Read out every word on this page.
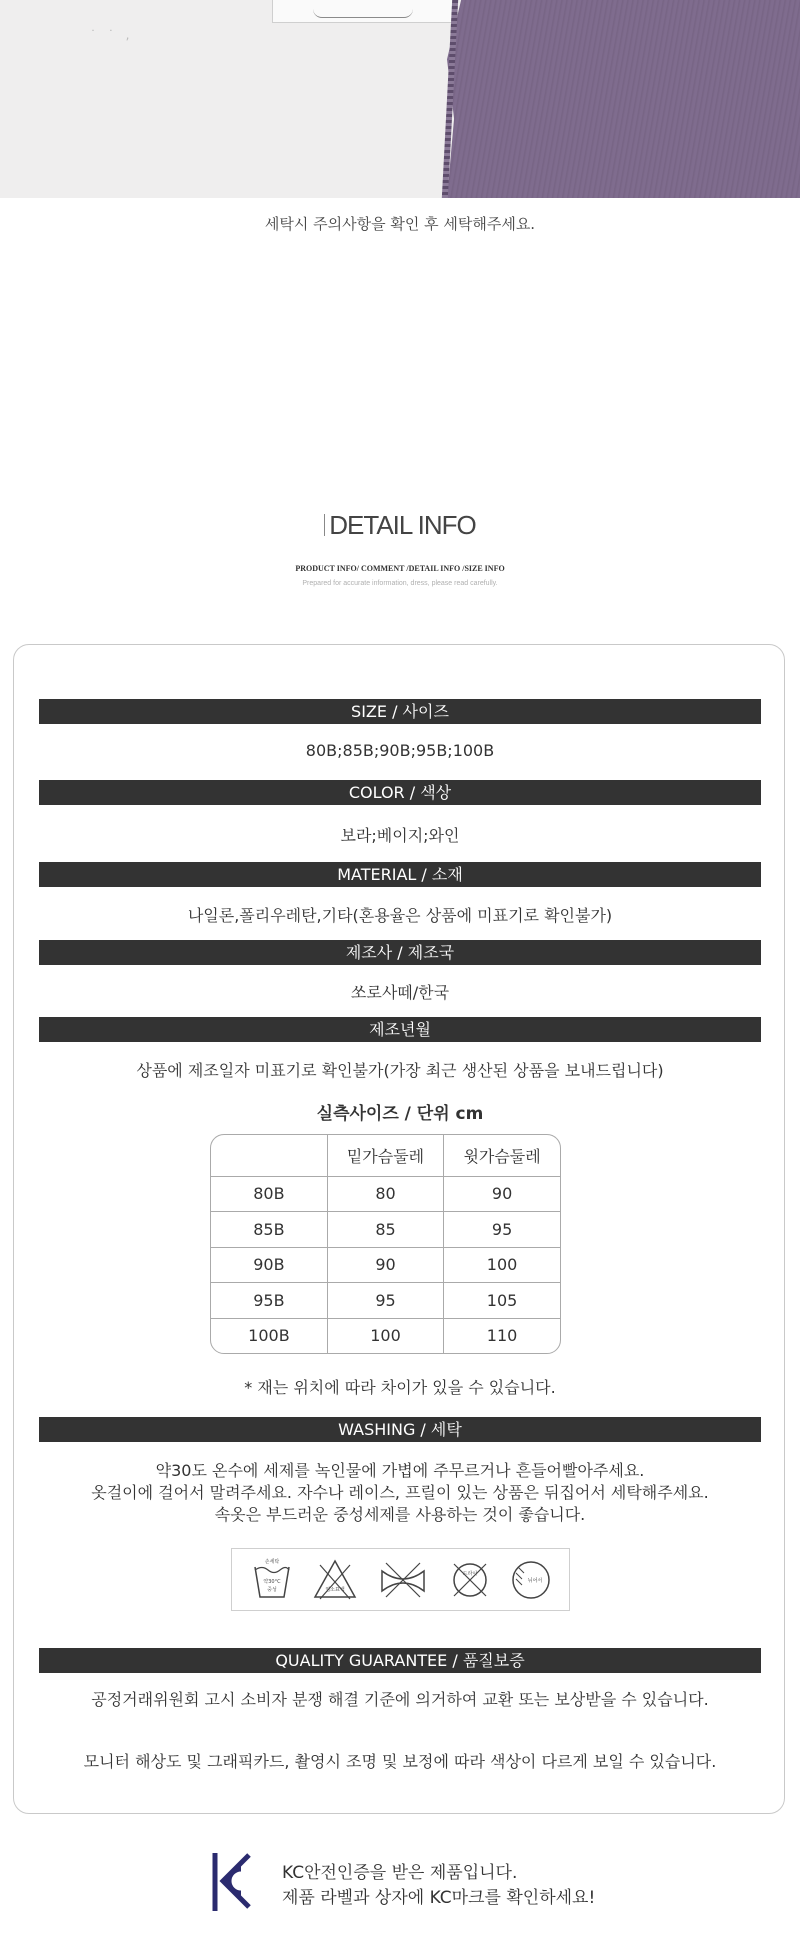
˙ ˙ ,
세탁시 주의사항을 확인 후 세탁해주세요.
DETAIL INFO
PRODUCT INFO/ COMMENT /DETAIL INFO /SIZE INFO
Prepared for accurate information, dress, please read carefully.
SIZE / 사이즈
80B;85B;90B;95B;100B
COLOR / 색상
보라;베이지;와인
MATERIAL / 소재
나일론,폴리우레탄,기타(혼용율은 상품에 미표기로 확인불가)
제조사 / 제조국
쏘로사떼/한국
제조년월
상품에 제조일자 미표기로 확인불가(가장 최근 생산된 상품을 보내드립니다)
실측사이즈 / 단위 cm
	밑가슴둘레	윗가슴둘레
80B	80	90
85B	85	95
90B	90	100
95B	95	105
100B	100	110
* 재는 위치에 따라 차이가 있을 수 있습니다.
WASHING / 세탁
약30도 온수에 세제를 녹인물에 가볍에 주무르거나 흔들어빨아주세요.
옷걸이에 걸어서 말려주세요. 자수나 레이스, 프릴이 있는 상품은 뒤집어서 세탁해주세요.
속옷은 부드러운 중성세제를 사용하는 것이 좋습니다.
손세탁
약30°C
중성	염소표백
드라이
뉘어서
QUALITY GUARANTEE / 품질보증
공정거래위원회 고시 소비자 분쟁 해결 기준에 의거하여 교환 또는 보상받을 수 있습니다.
모니터 해상도 및 그래픽카드, 촬영시 조명 및 보정에 따라 색상이 다르게 보일 수 있습니다.
KC안전인증을 받은 제품입니다.
제품 라벨과 상자에 KC마크를 확인하세요!
